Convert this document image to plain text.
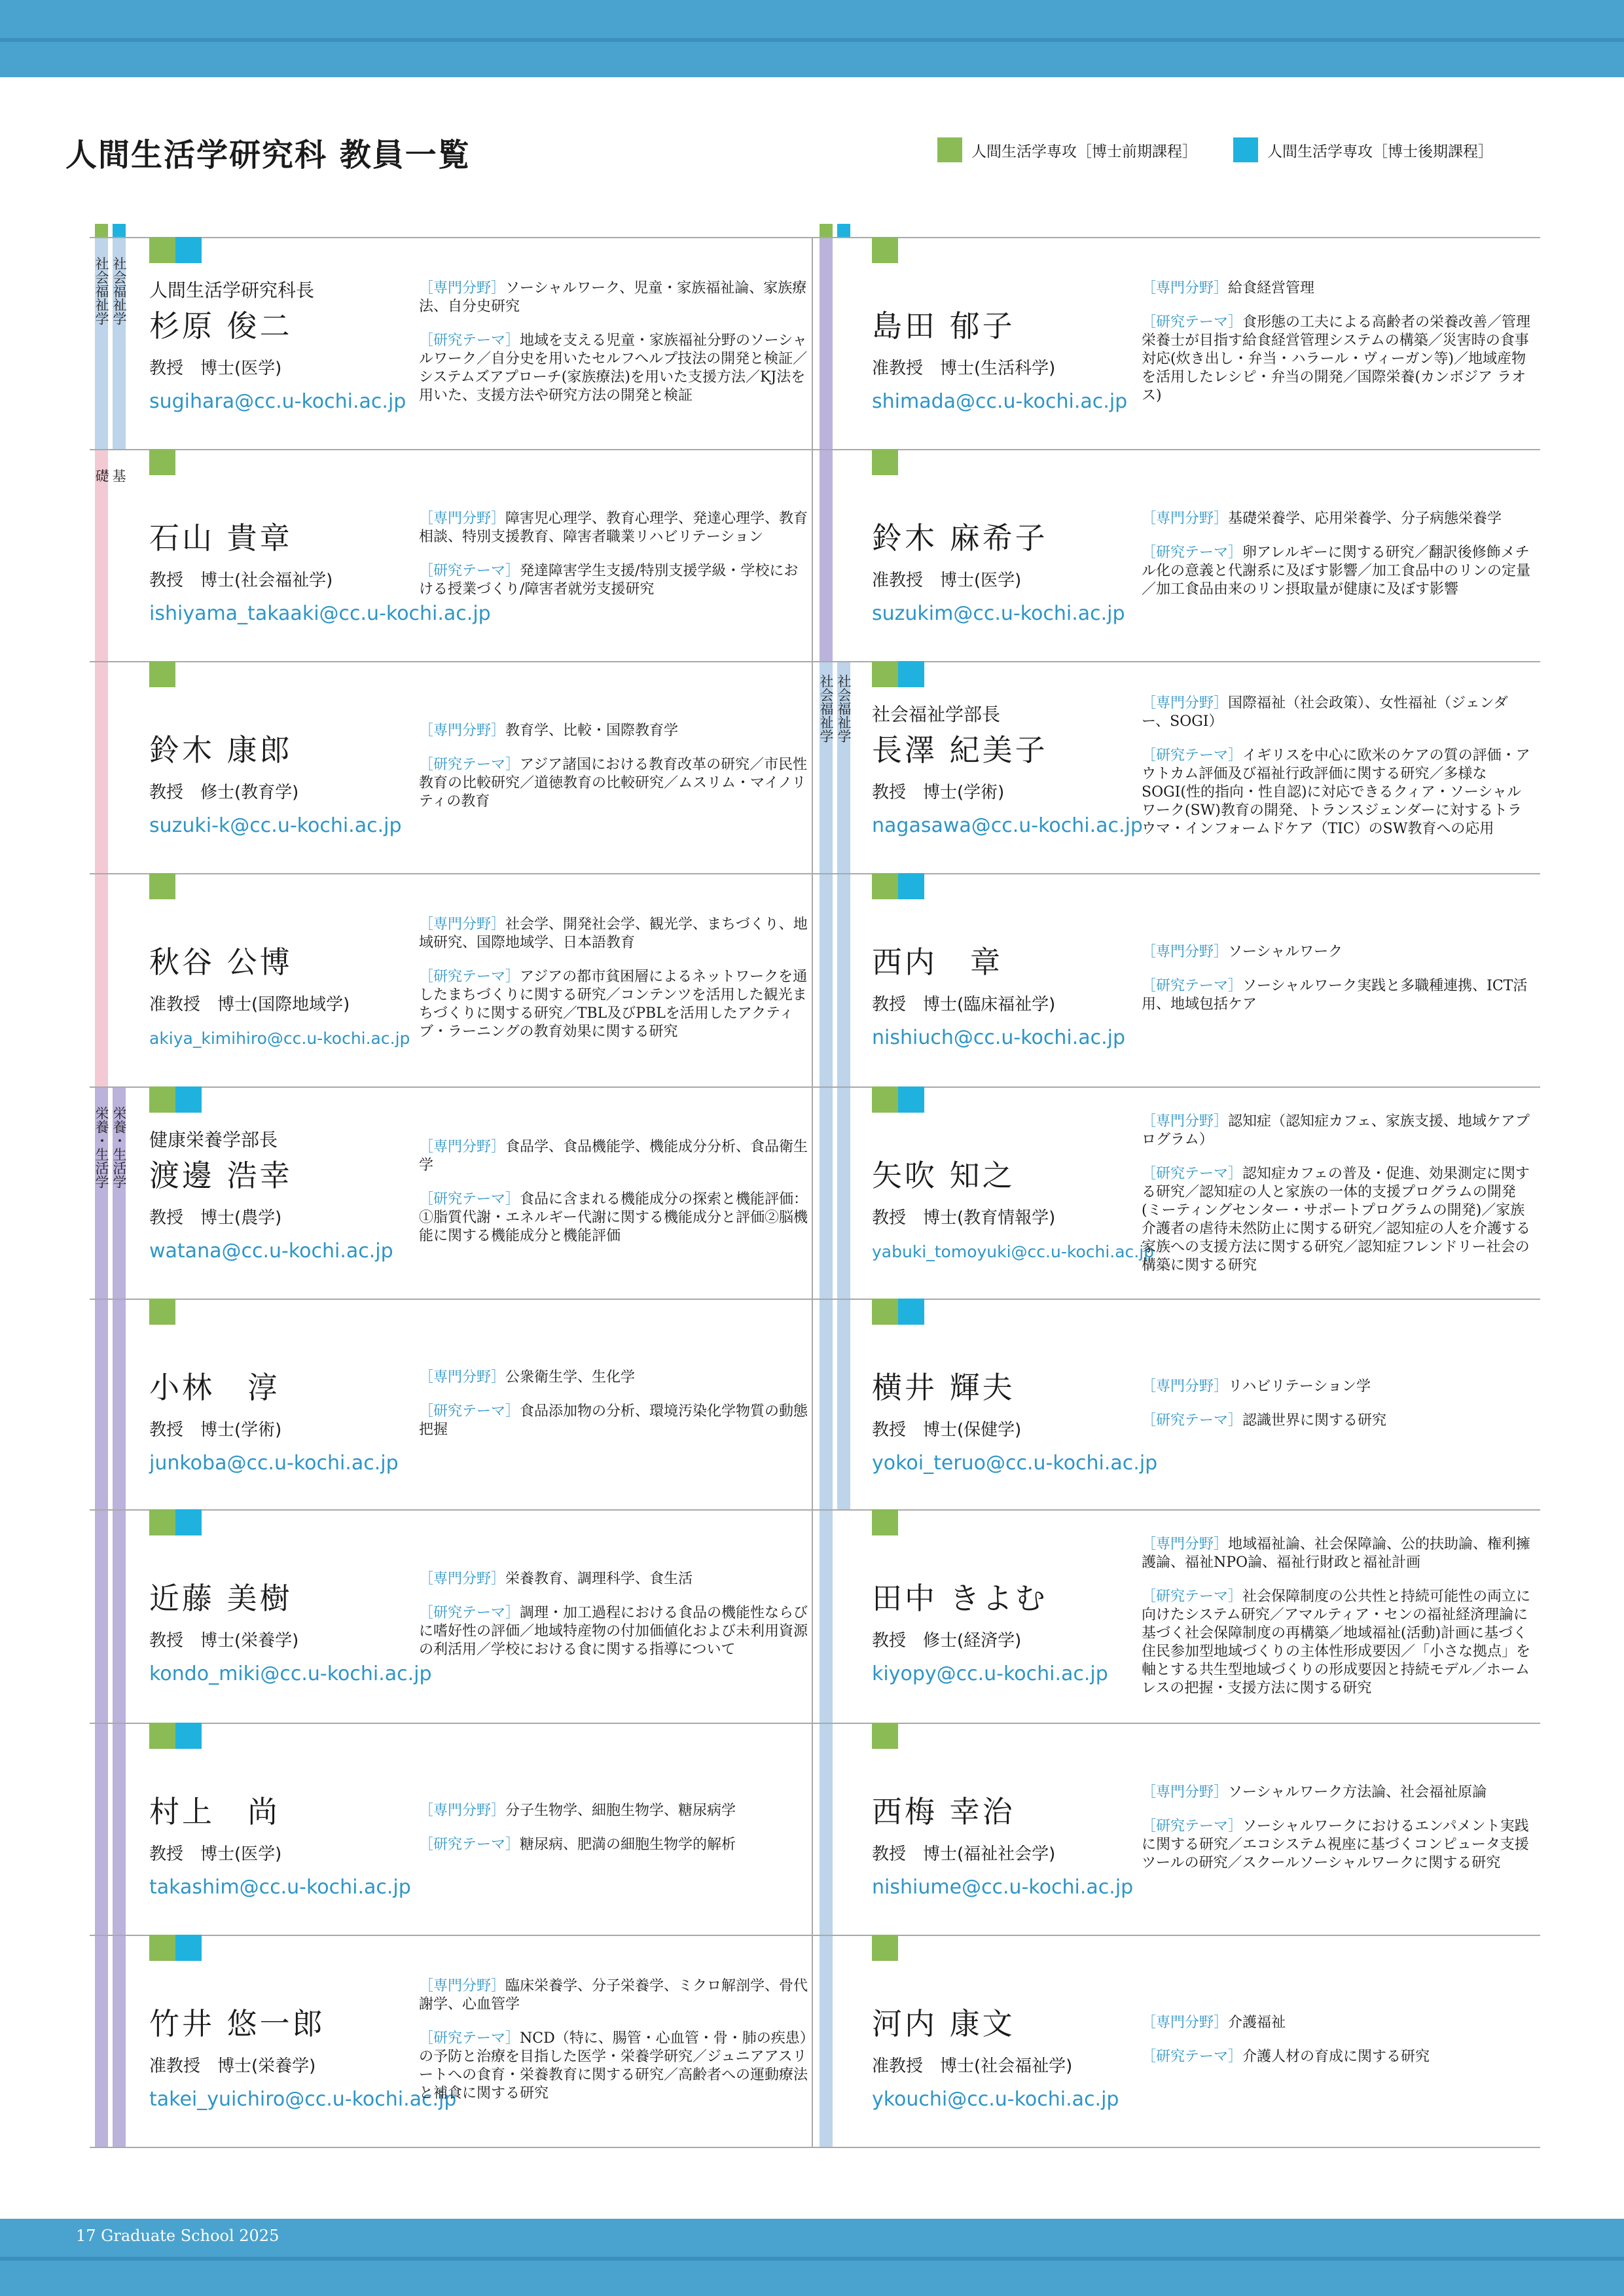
人間生活学研究科 教員一覧	人間生活学専攻［博士前期課程］	人間生活学専攻［博士後期課程］
社会福祉学 社会福祉学
基礎
栄養・生活学 栄養・生活学
社会福祉学 社会福祉学
人間生活学研究科長
杉原 俊二
教授　博士(医学)
sugihara@cc.u-kochi.ac.jp

［専門分野］ソーシャルワーク、児童・家族福祉論、家族療法、自分史研究

［研究テーマ］地域を支える児童・家族福祉分野のソーシャルワーク／自分史を用いたセルフヘルプ技法の開発と検証／システムズアプローチ(家族療法)を用いた支援方法／KJ法を用いた、支援方法や研究方法の開発と検証

島田 郁子
准教授　博士(生活科学)
shimada@cc.u-kochi.ac.jp

［専門分野］給食経営管理

［研究テーマ］食形態の工夫による高齢者の栄養改善／管理栄養士が目指す給食経営管理システムの構築／災害時の食事対応(炊き出し・弁当・ハラール・ヴィーガン等)／地域産物を活用したレシピ・弁当の開発／国際栄養(カンボジア ラオス)

石山 貴章
教授　博士(社会福祉学)
ishiyama_takaaki@cc.u-kochi.ac.jp

［専門分野］障害児心理学、教育心理学、発達心理学、教育相談、特別支援教育、障害者職業リハビリテーション

［研究テーマ］発達障害学生支援/特別支援学級・学校における授業づくり/障害者就労支援研究

鈴木 麻希子
准教授　博士(医学)
suzukim@cc.u-kochi.ac.jp

［専門分野］基礎栄養学、応用栄養学、分子病態栄養学

［研究テーマ］卵アレルギーに関する研究／翻訳後修飾メチル化の意義と代謝系に及ぼす影響／加工食品中のリンの定量／加工食品由来のリン摂取量が健康に及ぼす影響

鈴木 康郎
教授　修士(教育学)
suzuki-k@cc.u-kochi.ac.jp

［専門分野］教育学、比較・国際教育学

［研究テーマ］アジア諸国における教育改革の研究／市民性教育の比較研究／道徳教育の比較研究／ムスリム・マイノリティの教育

社会福祉学部長
長澤 紀美子
教授　博士(学術)
nagasawa@cc.u-kochi.ac.jp

［専門分野］国際福祉（社会政策）、女性福祉（ジェンダー、SOGI）

［研究テーマ］イギリスを中心に欧米のケアの質の評価・アウトカム評価及び福祉行政評価に関する研究／多様なSOGI(性的指向・性自認)に対応できるクィア・ソーシャルワーク(SW)教育の開発、トランスジェンダーに対するトラウマ・インフォームドケア（TIC）のSW教育への応用

秋谷 公博
准教授　博士(国際地域学)
akiya_kimihiro@cc.u-kochi.ac.jp

［専門分野］社会学、開発社会学、観光学、まちづくり、地域研究、国際地域学、日本語教育

［研究テーマ］アジアの都市貧困層によるネットワークを通したまちづくりに関する研究／コンテンツを活用した観光まちづくりに関する研究／TBL及びPBLを活用したアクティブ・ラーニングの教育効果に関する研究

西内　章
教授　博士(臨床福祉学)
nishiuch@cc.u-kochi.ac.jp

［専門分野］ソーシャルワーク

［研究テーマ］ソーシャルワーク実践と多職種連携、ICT活用、地域包括ケア

健康栄養学部長
渡邊 浩幸
教授　博士(農学)
watana@cc.u-kochi.ac.jp

［専門分野］食品学、食品機能学、機能成分分析、食品衛生学

［研究テーマ］食品に含まれる機能成分の探索と機能評価：①脂質代謝・エネルギー代謝に関する機能成分と評価②脳機能に関する機能成分と機能評価

矢吹 知之
教授　博士(教育情報学)
yabuki_tomoyuki@cc.u-kochi.ac.jp

［専門分野］認知症（認知症カフェ、家族支援、地域ケアプログラム）

［研究テーマ］認知症カフェの普及・促進、効果測定に関する研究／認知症の人と家族の一体的支援プログラムの開発(ミーティングセンター・サポートプログラムの開発)／家族介護者の虐待未然防止に関する研究／認知症の人を介護する家族への支援方法に関する研究／認知症フレンドリー社会の構築に関する研究

小林　淳
教授　博士(学術)
junkoba@cc.u-kochi.ac.jp

［専門分野］公衆衛生学、生化学

［研究テーマ］食品添加物の分析、環境汚染化学物質の動態把握

横井 輝夫
教授　博士(保健学)
yokoi_teruo@cc.u-kochi.ac.jp

［専門分野］リハビリテーション学

［研究テーマ］認識世界に関する研究

近藤 美樹
教授　博士(栄養学)
kondo_miki@cc.u-kochi.ac.jp

［専門分野］栄養教育、調理科学、食生活

［研究テーマ］調理・加工過程における食品の機能性ならびに嗜好性の評価／地域特産物の付加価値化および未利用資源の利活用／学校における食に関する指導について

田中 きよむ
教授　修士(経済学)
kiyopy@cc.u-kochi.ac.jp

［専門分野］地域福祉論、社会保障論、公的扶助論、権利擁護論、福祉NPO論、福祉行財政と福祉計画

［研究テーマ］社会保障制度の公共性と持続可能性の両立に向けたシステム研究／アマルティア・センの福祉経済理論に基づく社会保障制度の再構築／地域福祉(活動)計画に基づく住民参加型地域づくりの主体性形成要因／「小さな拠点」を軸とする共生型地域づくりの形成要因と持続モデル／ホームレスの把握・支援方法に関する研究

村上　尚
教授　博士(医学)
takashim@cc.u-kochi.ac.jp

［専門分野］分子生物学、細胞生物学、糖尿病学

［研究テーマ］糖尿病、肥満の細胞生物学的解析

西梅 幸治
教授　博士(福祉社会学)
nishiume@cc.u-kochi.ac.jp

［専門分野］ソーシャルワーク方法論、社会福祉原論

［研究テーマ］ソーシャルワークにおけるエンパメント実践に関する研究／エコシステム視座に基づくコンピュータ支援ツールの研究／スクールソーシャルワークに関する研究

竹井 悠一郎
准教授　博士(栄養学)
takei_yuichiro@cc.u-kochi.ac.jp

［専門分野］臨床栄養学、分子栄養学、ミクロ解剖学、骨代謝学、心血管学

［研究テーマ］NCD（特に、腸管・心血管・骨・肺の疾患）の予防と治療を目指した医学・栄養学研究／ジュニアアスリートへの食育・栄養教育に関する研究／高齢者への運動療法と補食に関する研究

河内 康文
准教授　博士(社会福祉学)
ykouchi@cc.u-kochi.ac.jp

［専門分野］介護福祉

［研究テーマ］介護人材の育成に関する研究

17 Graduate School 2025
